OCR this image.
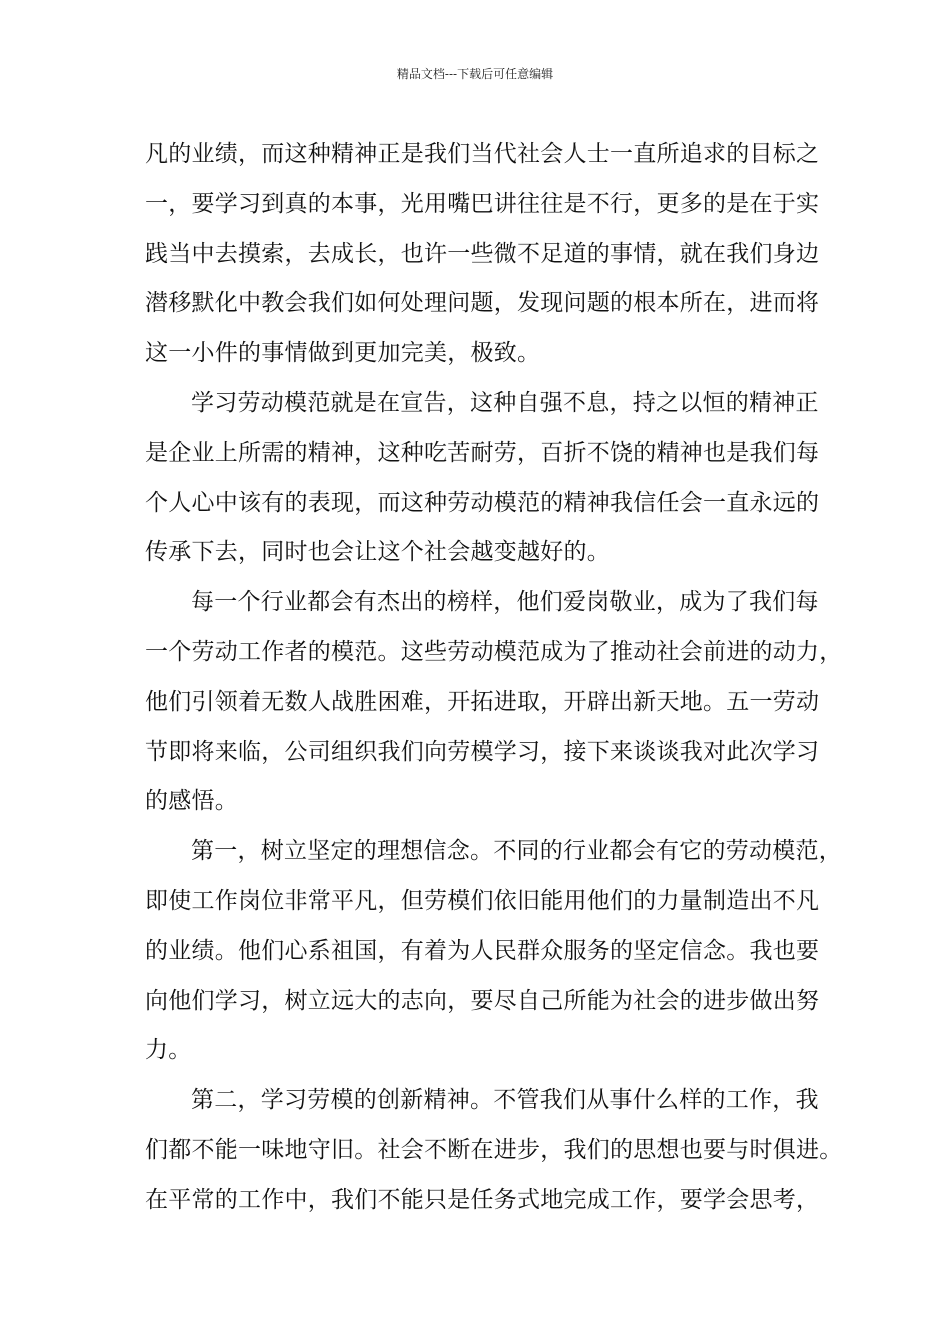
精品文档---下载后可任意编辑
凡的业绩，而这种精神正是我们当代社会人士一直所追求的目标之
一，要学习到真的本事，光用嘴巴讲往往是不行，更多的是在于实
践当中去摸索，去成长，也许一些微不足道的事情，就在我们身边
潜移默化中教会我们如何处理问题，发现问题的根本所在，进而将
这一小件的事情做到更加完美，极致。
学习劳动模范就是在宣告，这种自强不息，持之以恒的精神正
是企业上所需的精神，这种吃苦耐劳，百折不饶的精神也是我们每
个人心中该有的表现，而这种劳动模范的精神我信任会一直永远的
传承下去，同时也会让这个社会越变越好的。
每一个行业都会有杰出的榜样，他们爱岗敬业，成为了我们每
一个劳动工作者的模范。这些劳动模范成为了推动社会前进的动力，
他们引领着无数人战胜困难，开拓进取，开辟出新天地。五一劳动
节即将来临，公司组织我们向劳模学习，接下来谈谈我对此次学习
的感悟。
第一，树立坚定的理想信念。不同的行业都会有它的劳动模范，
即使工作岗位非常平凡，但劳模们依旧能用他们的力量制造出不凡
的业绩。他们心系祖国，有着为人民群众服务的坚定信念。我也要
向他们学习，树立远大的志向，要尽自己所能为社会的进步做出努
力。
第二，学习劳模的创新精神。不管我们从事什么样的工作，我
们都不能一味地守旧。社会不断在进步，我们的思想也要与时俱进。
在平常的工作中，我们不能只是任务式地完成工作，要学会思考，
